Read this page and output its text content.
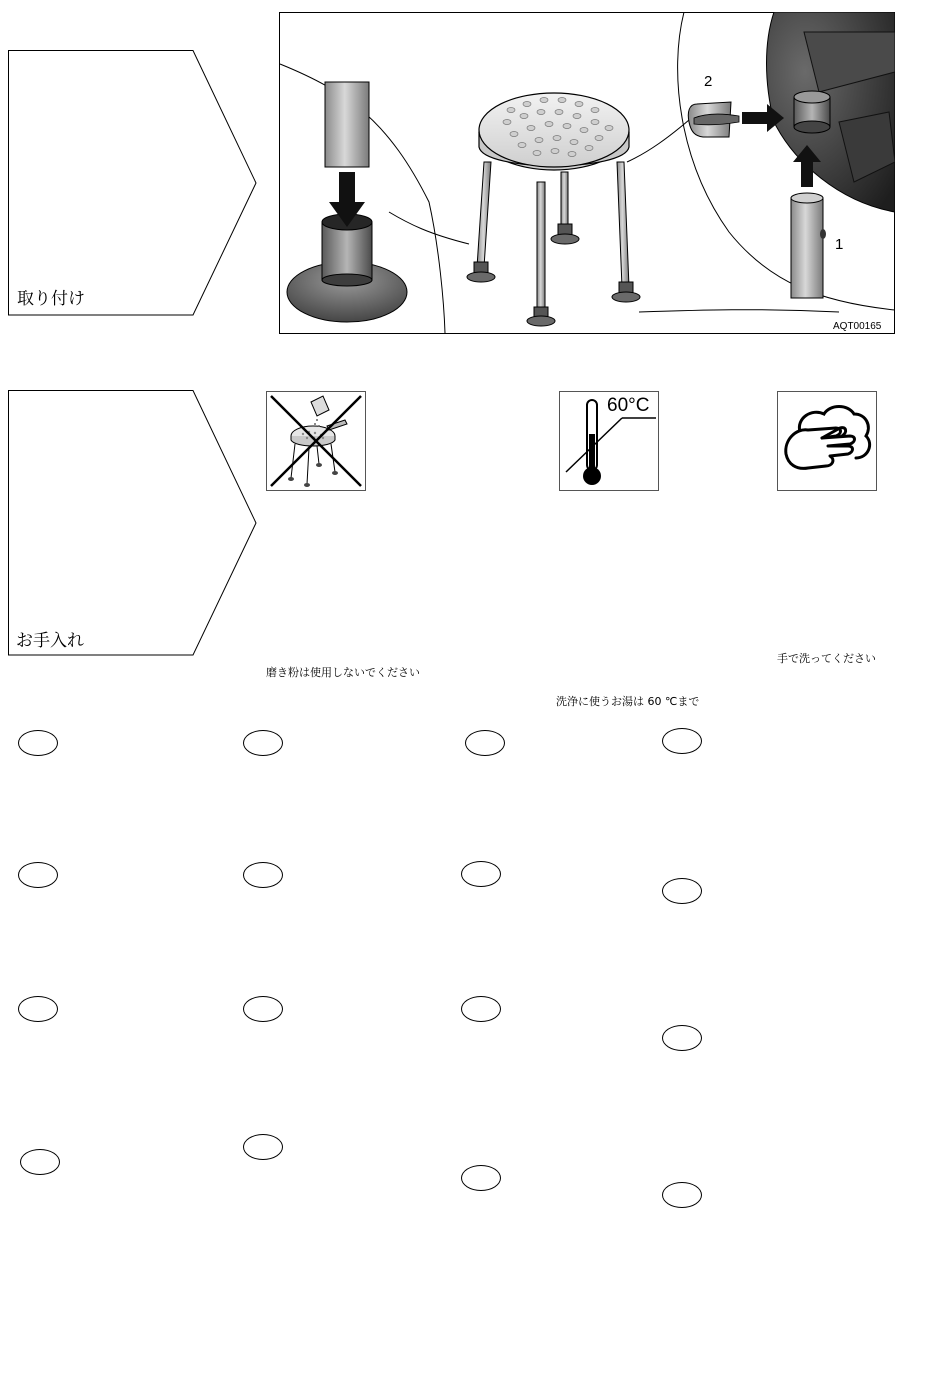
取り付け
2
1
AQT00165
お手入れ
磨き粉は使用しないでください
60°C
洗浄に使うお湯は 60 ℃まで
手で洗ってください
